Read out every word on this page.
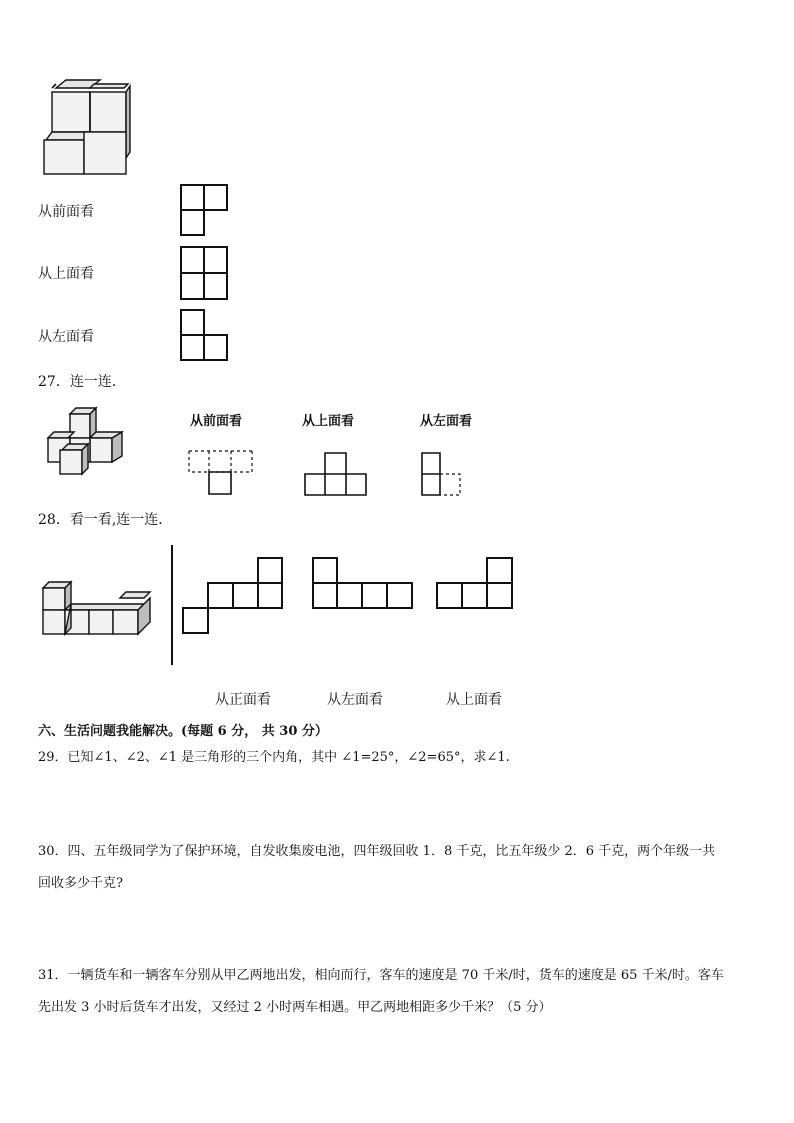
从前面看
从上面看
从左面看
27．连一连．
从前面看	从上面看	从左面看
28．看一看,连一连．
从正面看	从左面看	从上面看
六、生活问题我能解决。(每题 6 分， 共 30 分）
29．已知∠1、∠2、∠1 是三角形的三个内角，其中 ∠1=25°，∠2=65°，求∠1.
30．四、五年级同学为了保护环境，自发收集废电池，四年级回收 1．8 千克，比五年级少 2．6 千克，两个年级一共
回收多少千克?
31．一辆货车和一辆客车分别从甲乙两地出发，相向而行，客车的速度是 70 千米/时，货车的速度是 65 千米/时。客车
先出发 3 小时后货车才出发，又经过 2 小时两车相遇。甲乙两地相距多少千米？（5 分）
